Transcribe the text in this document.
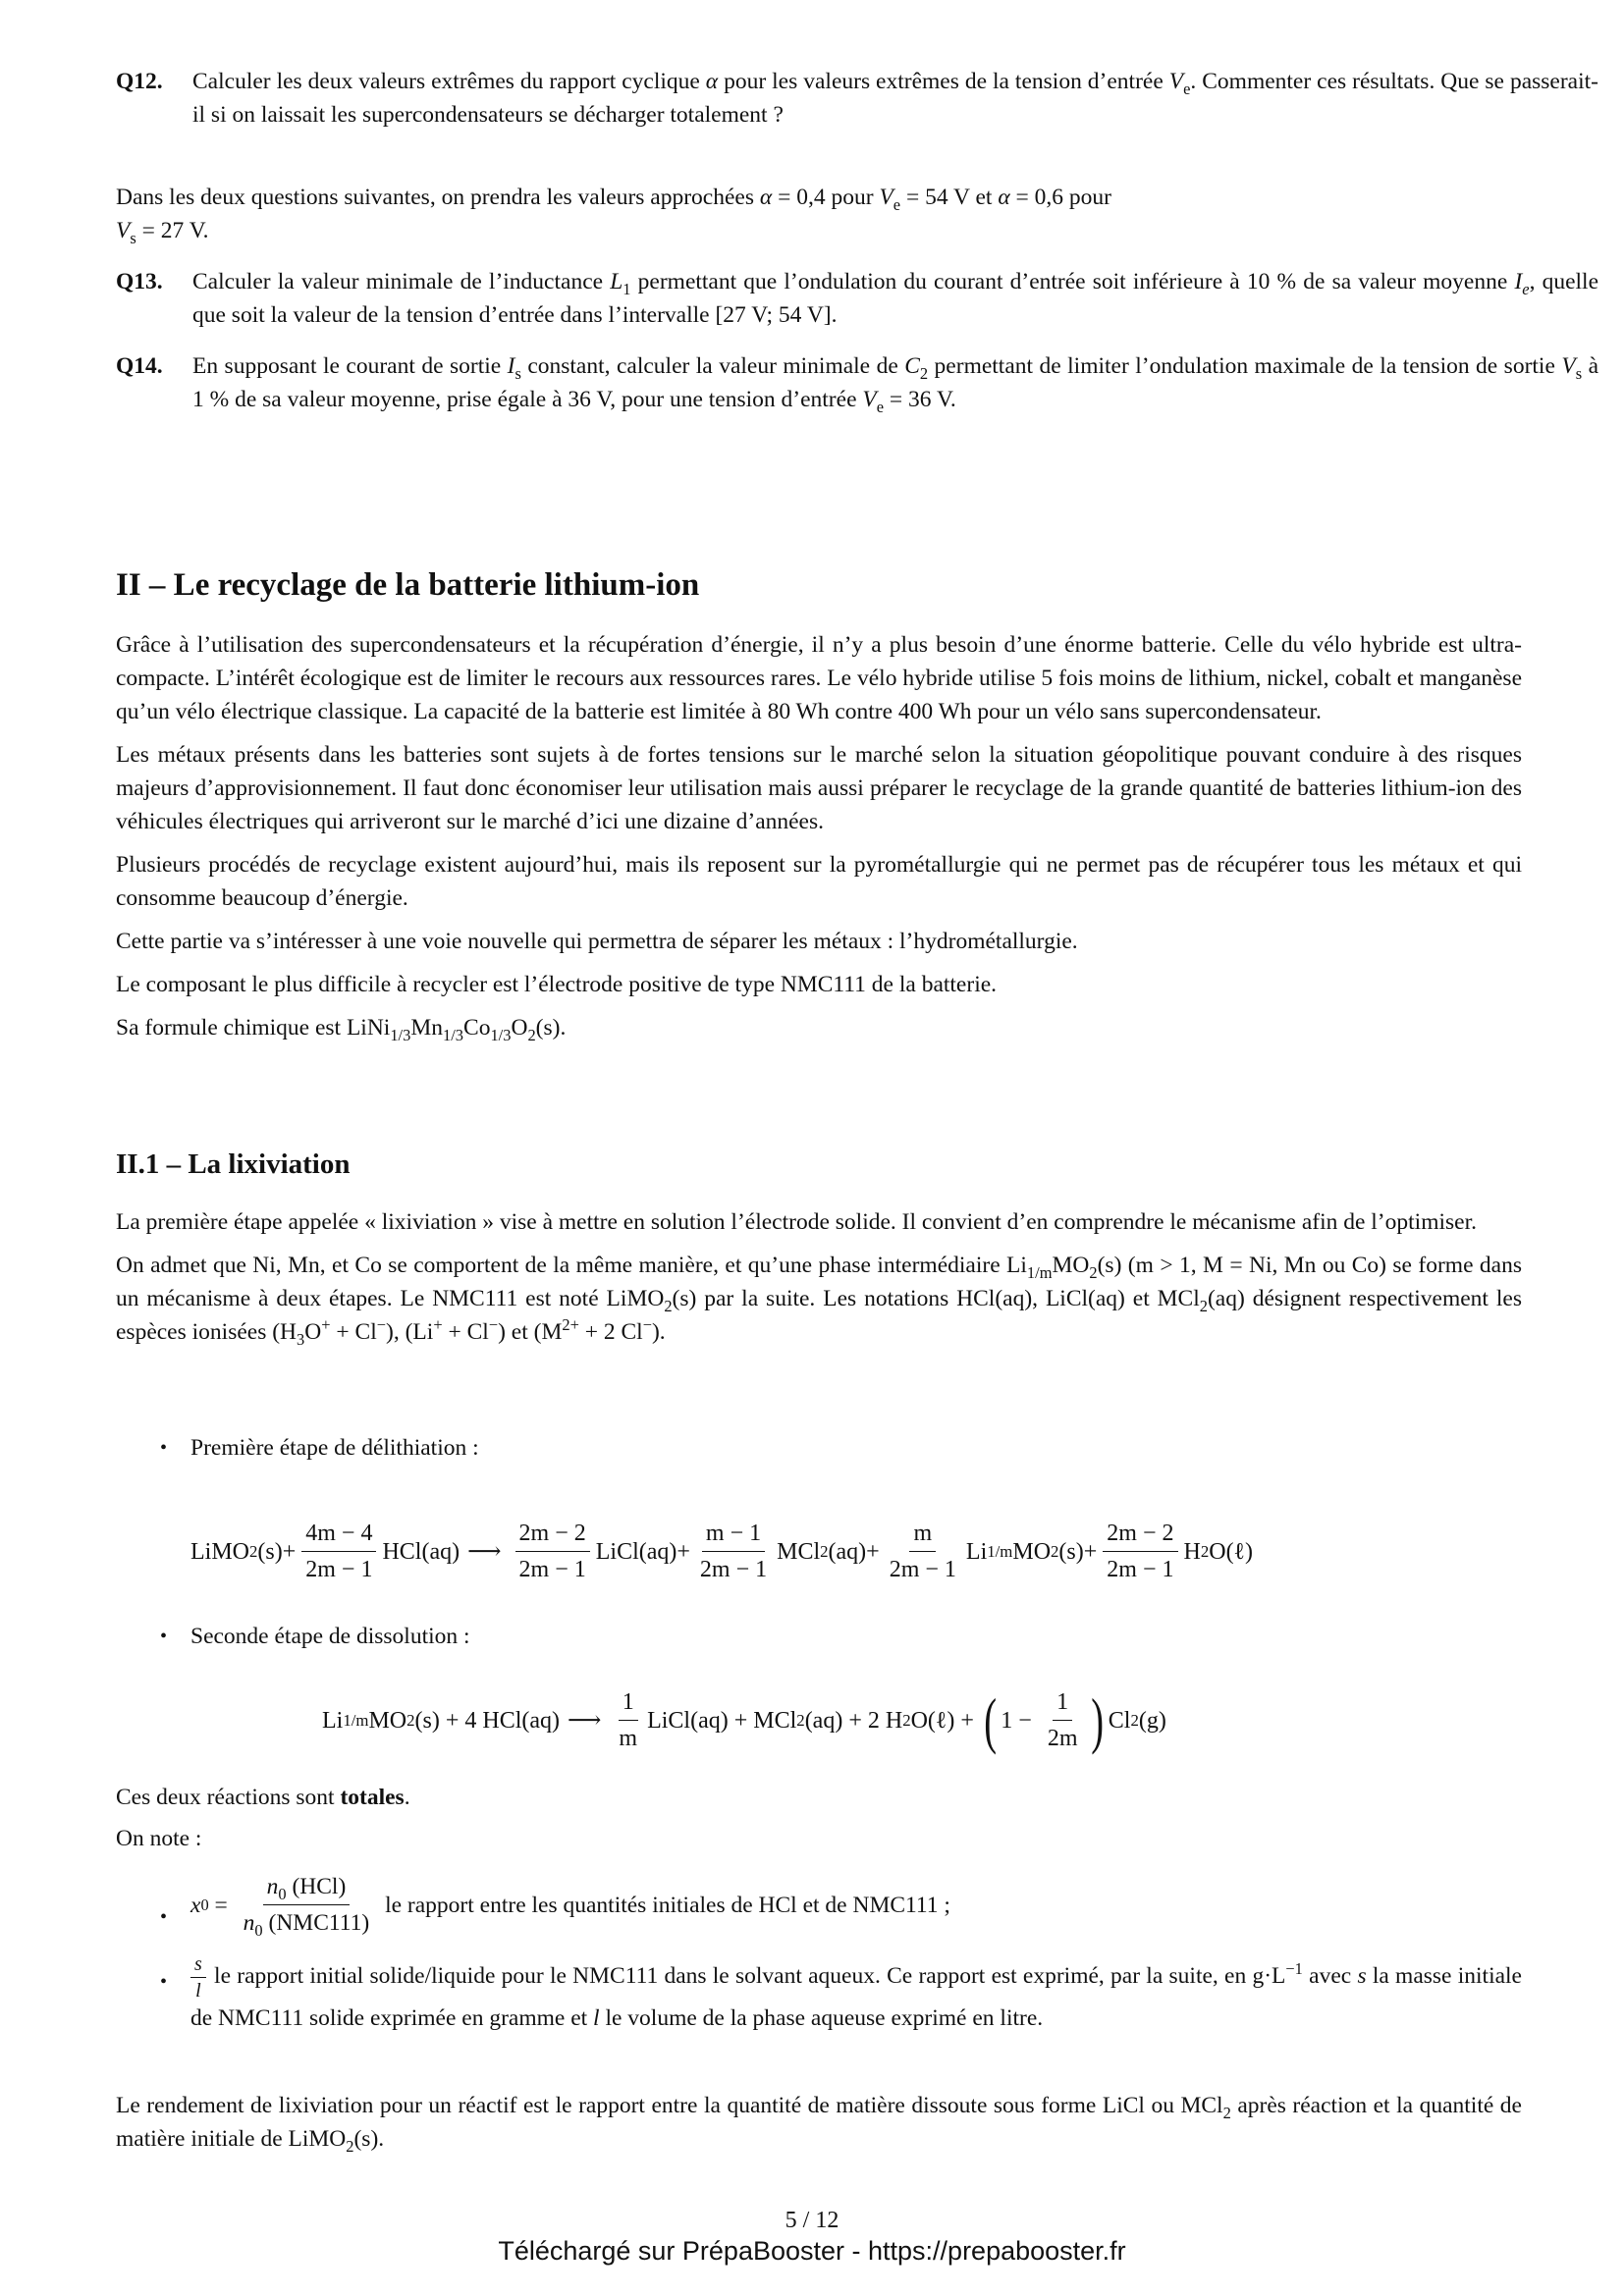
Q12. Calculer les deux valeurs extrêmes du rapport cyclique α pour les valeurs extrêmes de la tension d’entrée $V_e$. Commenter ces résultats. Que se passerait-il si on laissait les supercondensateurs se décharger totalement ?

Dans les deux questions suivantes, on prendra les valeurs approchées α = 0,4 pour $V_e = 54$ V et α = 0,6 pour
$V_s = 27$ V.

Q13. Calculer la valeur minimale de l’inductance $L_1$ permettant que l’ondulation du courant d’entrée soit inférieure à 10 % de sa valeur moyenne $I_e$, quelle que soit la valeur de la tension d’entrée dans l’intervalle [27 V; 54 V].
Q14. En supposant le courant de sortie $I_s$ constant, calculer la valeur minimale de $C_2$ permettant de limiter l’ondulation maximale de la tension de sortie $V_s$ à 1 % de sa valeur moyenne, prise égale à 36 V, pour une tension d’entrée $V_e = 36$ V.
II – Le recyclage de la batterie lithium-ion

Grâce à l’utilisation des supercondensateurs et la récupération d’énergie, il n’y a plus besoin d’une énorme batterie. Celle du vélo hybride est ultra-compacte. L’intérêt écologique est de limiter le recours aux ressources rares. Le vélo hybride utilise 5 fois moins de lithium, nickel, cobalt et manganèse qu’un vélo électrique classique. La capacité de la batterie est limitée à 80 Wh contre 400 Wh pour un vélo sans supercondensateur.

Les métaux présents dans les batteries sont sujets à de fortes tensions sur le marché selon la situation géopolitique pouvant conduire à des risques majeurs d’approvisionnement. Il faut donc économiser leur utilisation mais aussi préparer le recyclage de la grande quantité de batteries lithium-ion des véhicules électriques qui arriveront sur le marché d’ici une dizaine d’années.

Plusieurs procédés de recyclage existent aujourd’hui, mais ils reposent sur la pyrométallurgie qui ne permet pas de récupérer tous les métaux et qui consomme beaucoup d’énergie.

Cette partie va s’intéresser à une voie nouvelle qui permettra de séparer les métaux : l’hydrométallurgie.

Le composant le plus difficile à recycler est l’électrode positive de type NMC111 de la batterie.

Sa formule chimique est $LiNi_{1/3}Mn_{1/3}Co_{1/3}O_2(s)$.

II.1 – La lixiviation

La première étape appelée « lixiviation » vise à mettre en solution l’électrode solide. Il convient d’en comprendre le mécanisme afin de l’optimiser.

On admet que Ni, Mn, et Co se comportent de la même manière, et qu’une phase intermédiaire $Li_{1/m}MO_2(s) (m > 1$, M = Ni, Mn ou Co) se forme dans un mécanisme à deux étapes. Le NMC111 est noté LiMO$_2$(s) par la suite. Les notations HCl(aq), LiCl(aq) et MCl$_2$(aq) désignent respectivement les espèces ionisées $(H_3O^+ + Cl^-)$, (Li+ + Cl−) et ($M^{2+} + 2$ Cl−).

• Première étape de délithiation :
LiMO 2 $(s) + \frac{4m - 4}{2m - 1} HCl(aq)$ ⟶ $\frac{2m - 2}{2m - 1}$ LiCl(aq) + $\frac{m - 1}{2m - 1}$ MCl 2 $(aq) + \frac{m}{2m - 1}$ Li 1/m MO 2 $(s) + \frac{2m - 2}{2m - 1}$ H 2 O(ℓ)
• Seconde étape de dissolution :
Li 1/m MO 2 (s) + 4 HCl(aq) ⟶ $\frac{1}{m}$ LiCl(aq) + MCl 2 (aq) + 2 H 2 O(ℓ) + ( $1 - \frac{1}{2m}$ ) Cl 2 (g)

Ces deux réactions sont totales.

On note :

• x $0 = \frac{n_0 (HCl)}{n_0 (NMC111)}$ le rapport entre les quantités initiales de HCl et de NMC111 ;
• $\frac{s}{l}$ le rapport initial solide/liquide pour le NMC111 dans le solvant aqueux. Ce rapport est exprimé, par la suite, en $g\cdot L^{-1}$ avec s la masse initiale de NMC111 solide exprimée en gramme et l le volume de la phase aqueuse exprimé en litre.

Le rendement de lixiviation pour un réactif est le rapport entre la quantité de matière dissoute sous forme LiCl ou MCl$_2$ après réaction et la quantité de matière initiale de LiMO$_2$(s).

5 / 12
Téléchargé sur PrépaBooster - https://prepabooster.fr
